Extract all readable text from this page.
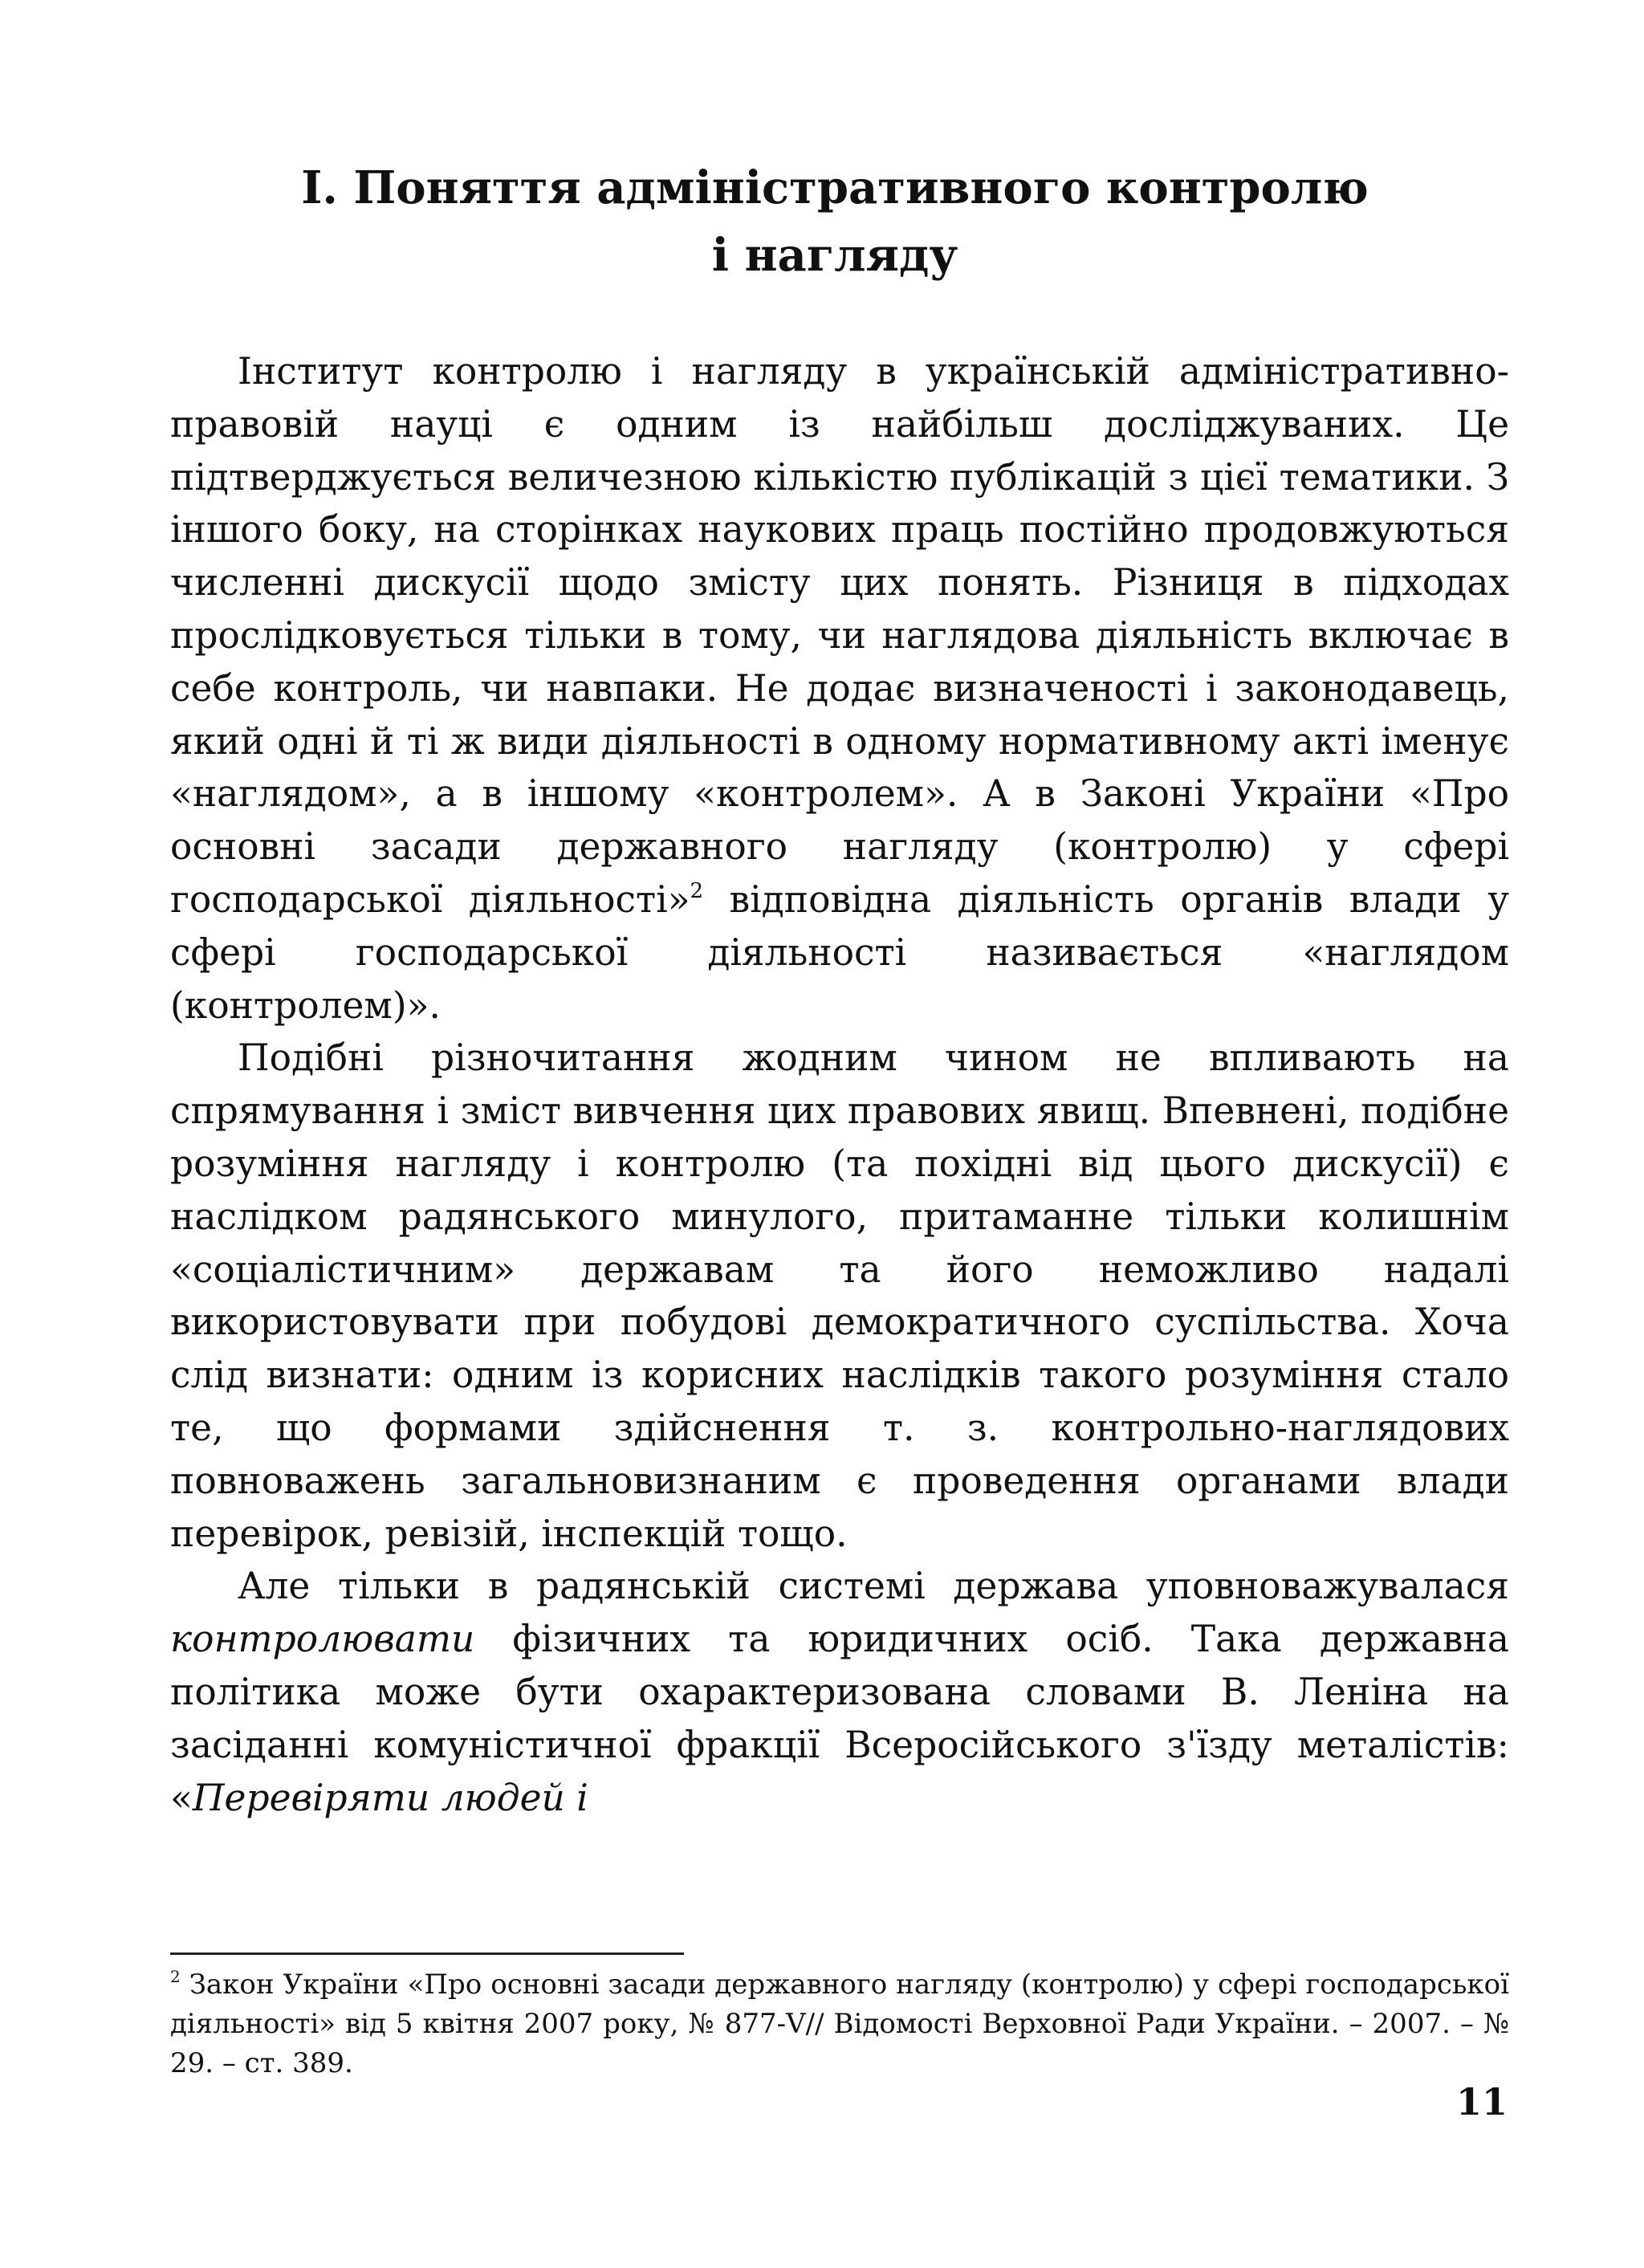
І. Поняття адміністративного контролю
і нагляду

Інститут контролю і нагляду в українській адміністративно-правовій науці є одним із найбільш досліджуваних. Це підтверджується величезною кількістю публікацій з цієї тематики. З іншого боку, на сторінках наукових праць постійно продовжуються численні дискусії щодо змісту цих понять. Різниця в підходах прослідковується тільки в тому, чи наглядова діяльність включає в себе контроль, чи навпаки. Не додає визначеності і законодавець, який одні й ті ж види діяльності в одному нормативному акті іменує «наглядом», а в іншому «контролем». А в Законі України «Про основні засади державного нагляду (контролю) у сфері господарської діяльності»$^2$ відповідна діяльність органів влади у сфері господарської діяльності називається «наглядом (контролем)».

Подібні різночитання жодним чином не впливають на спрямування і зміст вивчення цих правових явищ. Впевнені, подібне розуміння нагляду і контролю (та похідні від цього дискусії) є наслідком радянського минулого, притаманне тільки колишнім «соціалістичним» державам та його неможливо надалі використовувати при побудові демократичного суспільства. Хоча слід визнати: одним із корисних наслідків такого розуміння стало те, що формами здійснення т. з. контрольно-наглядових повноважень загальновизнаним є проведення органами влади перевірок, ревізій, інспекцій тощо.

Але тільки в радянській системі держава уповноважувалася контролювати фізичних та юридичних осіб. Така державна політика може бути охарактеризована словами В. Леніна на засіданні комуністичної фракції Всеросійського з'їзду металістів: «Перевіряти людей і

$^2$ Закон України «Про основні засади державного нагляду (контролю) у сфері господарської діяльності» від 5 квітня 2007 року, № 877-V// Відомості Верховної Ради України. – 2007. – № 29. – ст. 389.

11
